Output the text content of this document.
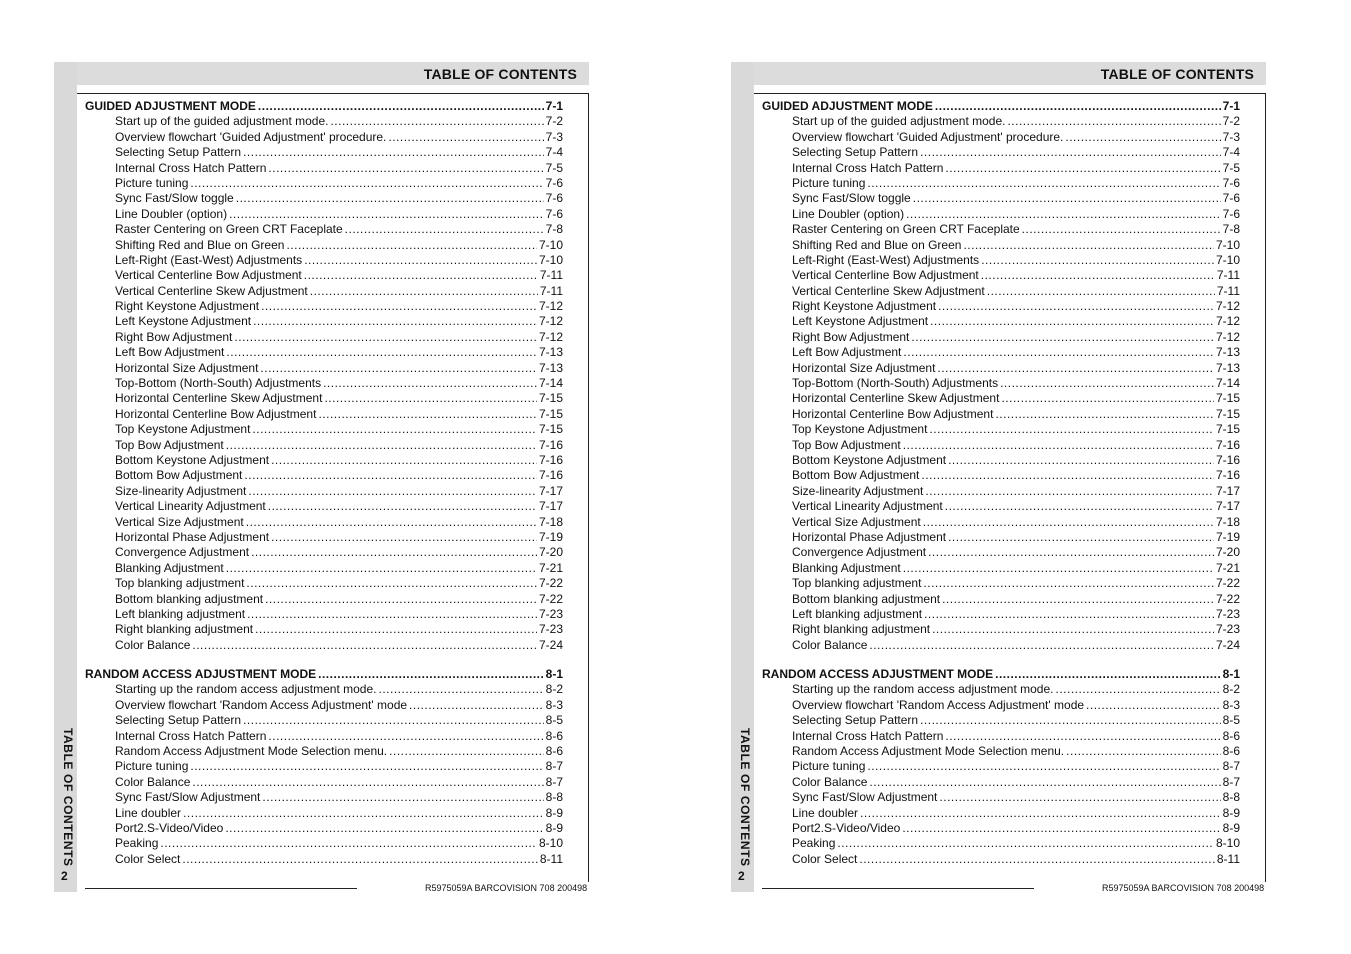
TABLE OF CONTENTS
GUIDED ADJUSTMENT MODE .....	7-1
Start up of the guided adjustment mode. .....	7-2
Overview flowchart 'Guided Adjustment' procedure. .....	7-3
Selecting Setup Pattern .....	7-4
Internal Cross Hatch Pattern .....	7-5
Picture tuning .....	7-6
Sync Fast/Slow toggle .....	7-6
Line Doubler (option) .....	7-6
Raster Centering on Green CRT Faceplate .....	7-8
Shifting Red and Blue on Green .....	7-10
Left-Right (East-West) Adjustments .....	7-10
Vertical Centerline Bow Adjustment .....	7-11
Vertical Centerline Skew Adjustment .....	7-11
Right Keystone Adjustment .....	7-12
Left Keystone Adjustment .....	7-12
Right Bow Adjustment .....	7-12
Left Bow Adjustment .....	7-13
Horizontal Size Adjustment .....	7-13
Top-Bottom (North-South) Adjustments .....	7-14
Horizontal Centerline Skew Adjustment .....	7-15
Horizontal Centerline Bow Adjustment .....	7-15
Top Keystone Adjustment .....	7-15
Top Bow Adjustment .....	7-16
Bottom Keystone Adjustment .....	7-16
Bottom Bow Adjustment .....	7-16
Size-linearity Adjustment .....	7-17
Vertical Linearity Adjustment .....	7-17
Vertical Size Adjustment .....	7-18
Horizontal Phase Adjustment .....	7-19
Convergence Adjustment .....	7-20
Blanking Adjustment .....	7-21
Top blanking adjustment .....	7-22
Bottom blanking adjustment .....	7-22
Left blanking adjustment .....	7-23
Right blanking adjustment .....	7-23
Color Balance .....	7-24
RANDOM ACCESS ADJUSTMENT MODE .....	8-1
Starting up the random access adjustment mode. .....	8-2
Overview flowchart 'Random Access Adjustment' mode .....	8-3
Selecting Setup Pattern .....	8-5
Internal Cross Hatch Pattern .....	8-6
Random Access Adjustment Mode Selection menu. .....	8-6
Picture tuning .....	8-7
Color Balance .....	8-7
Sync Fast/Slow Adjustment .....	8-8
Line doubler .....	8-9
Port2.S-Video/Video .....	8-9
Peaking .....	8-10
Color Select .....	8-11
TABLE OF CONTENTS
2
R5975059A BARCOVISION 708 200498
TABLE OF CONTENTS
GUIDED ADJUSTMENT MODE .....	7-1
Start up of the guided adjustment mode. .....	7-2
Overview flowchart 'Guided Adjustment' procedure. .....	7-3
Selecting Setup Pattern .....	7-4
Internal Cross Hatch Pattern .....	7-5
Picture tuning .....	7-6
Sync Fast/Slow toggle .....	7-6
Line Doubler (option) .....	7-6
Raster Centering on Green CRT Faceplate .....	7-8
Shifting Red and Blue on Green .....	7-10
Left-Right (East-West) Adjustments .....	7-10
Vertical Centerline Bow Adjustment .....	7-11
Vertical Centerline Skew Adjustment .....	7-11
Right Keystone Adjustment .....	7-12
Left Keystone Adjustment .....	7-12
Right Bow Adjustment .....	7-12
Left Bow Adjustment .....	7-13
Horizontal Size Adjustment .....	7-13
Top-Bottom (North-South) Adjustments .....	7-14
Horizontal Centerline Skew Adjustment .....	7-15
Horizontal Centerline Bow Adjustment .....	7-15
Top Keystone Adjustment .....	7-15
Top Bow Adjustment .....	7-16
Bottom Keystone Adjustment .....	7-16
Bottom Bow Adjustment .....	7-16
Size-linearity Adjustment .....	7-17
Vertical Linearity Adjustment .....	7-17
Vertical Size Adjustment .....	7-18
Horizontal Phase Adjustment .....	7-19
Convergence Adjustment .....	7-20
Blanking Adjustment .....	7-21
Top blanking adjustment .....	7-22
Bottom blanking adjustment .....	7-22
Left blanking adjustment .....	7-23
Right blanking adjustment .....	7-23
Color Balance .....	7-24
RANDOM ACCESS ADJUSTMENT MODE .....	8-1
Starting up the random access adjustment mode. .....	8-2
Overview flowchart 'Random Access Adjustment' mode .....	8-3
Selecting Setup Pattern .....	8-5
Internal Cross Hatch Pattern .....	8-6
Random Access Adjustment Mode Selection menu. .....	8-6
Picture tuning .....	8-7
Color Balance .....	8-7
Sync Fast/Slow Adjustment .....	8-8
Line doubler .....	8-9
Port2.S-Video/Video .....	8-9
Peaking .....	8-10
Color Select .....	8-11
TABLE OF CONTENTS
2
R5975059A BARCOVISION 708 200498
